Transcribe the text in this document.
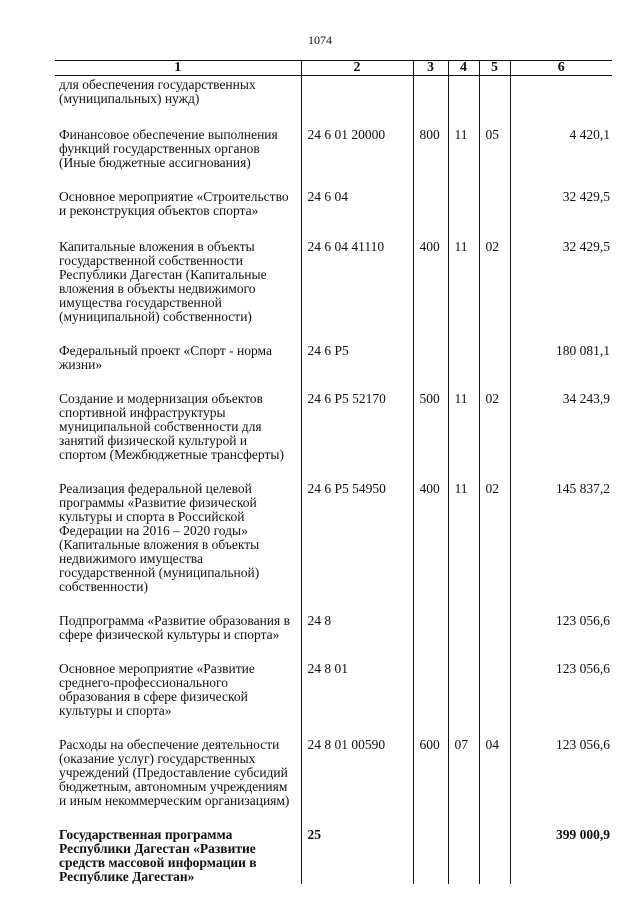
1074
1	2	3	4	5	6
для обеспечения государственных (муниципальных) нужд)					
Финансовое обеспечение выполнения функций государственных органов (Иные бюджетные ассигнования)	24 6 01 20000	800	11	05	4 420,1
Основное мероприятие «Строительство и реконструкция объектов спорта»	24 6 04				32 429,5
Капитальные вложения в объекты государственной собственности Республики Дагестан (Капитальные вложения в объекты недвижимого имущества государственной (муниципальной) собственности)	24 6 04 41110	400	11	02	32 429,5
Федеральный проект «Спорт - норма жизни»	24 6 P5				180 081,1
Создание и модернизация объектов спортивной инфраструктуры муниципальной собственности для занятий физической культурой и спортом (Межбюджетные трансферты)	24 6 P5 52170	500	11	02	34 243,9
Реализация федеральной целевой программы «Развитие физической культуры и спорта в Российской Федерации на 2016 – 2020 годы» (Капитальные вложения в объекты недвижимого имущества государственной (муниципальной) собственности)	24 6 P5 54950	400	11	02	145 837,2
Подпрограмма «Развитие образования в сфере физической культуры и спорта»	24 8				123 056,6
Основное мероприятие «Развитие среднего-профессионального образования в сфере физической культуры и спорта»	24 8 01				123 056,6
Расходы на обеспечение деятельности (оказание услуг) государственных учреждений (Предоставление субсидий бюджетным, автономным учреждениям и иным некоммерческим организациям)	24 8 01 00590	600	07	04	123 056,6
Государственная программа Республики Дагестан «Развитие средств массовой информации в Республике Дагестан»	25				399 000,9
